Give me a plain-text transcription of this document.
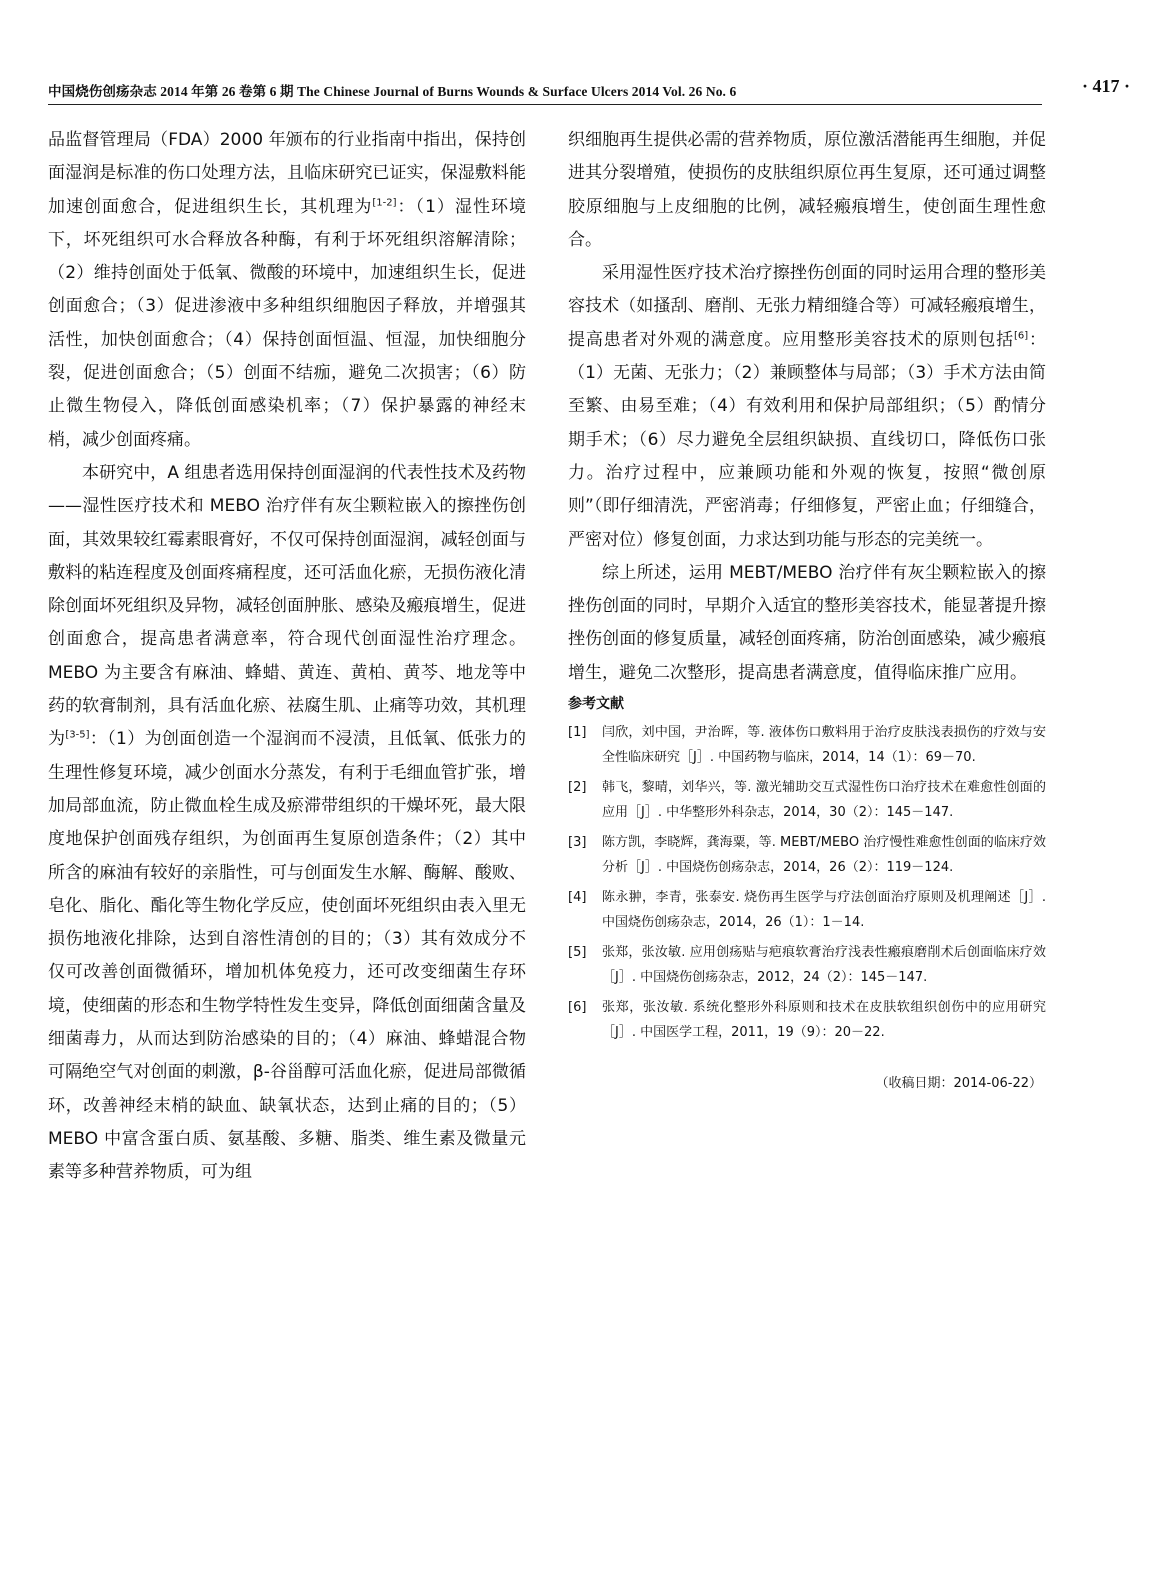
中国烧伤创疡杂志 2014 年第 26 卷第 6 期 The Chinese Journal of Burns Wounds & Surface Ulcers 2014 Vol. 26 No. 6	· 417 ·

品监督管理局（FDA）2000 年颁布的行业指南中指出，保持创面湿润是标准的伤口处理方法，且临床研究已证实，保湿敷料能加速创面愈合，促进组织生长，其机理为[1-2]：（1）湿性环境下，坏死组织可水合释放各种酶，有利于坏死组织溶解清除；（2）维持创面处于低氧、微酸的环境中，加速组织生长，促进创面愈合；（3）促进渗液中多种组织细胞因子释放，并增强其活性，加快创面愈合；（4）保持创面恒温、恒湿，加快细胞分裂，促进创面愈合；（5）创面不结痂，避免二次损害；（6）防止微生物侵入，降低创面感染机率；（7）保护暴露的神经末梢，减少创面疼痛。

本研究中，A 组患者选用保持创面湿润的代表性技术及药物——湿性医疗技术和 MEBO 治疗伴有灰尘颗粒嵌入的擦挫伤创面，其效果较红霉素眼膏好，不仅可保持创面湿润，减轻创面与敷料的粘连程度及创面疼痛程度，还可活血化瘀，无损伤液化清除创面坏死组织及异物，减轻创面肿胀、感染及瘢痕增生，促进创面愈合，提高患者满意率，符合现代创面湿性治疗理念。MEBO 为主要含有麻油、蜂蜡、黄连、黄柏、黄芩、地龙等中药的软膏制剂，具有活血化瘀、祛腐生肌、止痛等功效，其机理为[3-5]：（1）为创面创造一个湿润而不浸渍，且低氧、低张力的生理性修复环境，减少创面水分蒸发，有利于毛细血管扩张，增加局部血流，防止微血栓生成及瘀滞带组织的干燥坏死，最大限度地保护创面残存组织，为创面再生复原创造条件；（2）其中所含的麻油有较好的亲脂性，可与创面发生水解、酶解、酸败、皂化、脂化、酯化等生物化学反应，使创面坏死组织由表入里无损伤地液化排除，达到自溶性清创的目的；（3）其有效成分不仅可改善创面微循环，增加机体免疫力，还可改变细菌生存环境，使细菌的形态和生物学特性发生变异，降低创面细菌含量及细菌毒力，从而达到防治感染的目的；（4）麻油、蜂蜡混合物可隔绝空气对创面的刺激，β-谷甾醇可活血化瘀，促进局部微循环，改善神经末梢的缺血、缺氧状态，达到止痛的目的；（5）MEBO 中富含蛋白质、氨基酸、多糖、脂类、维生素及微量元素等多种营养物质，可为组

织细胞再生提供必需的营养物质，原位激活潜能再生细胞，并促进其分裂增殖，使损伤的皮肤组织原位再生复原，还可通过调整胶原细胞与上皮细胞的比例，减轻瘢痕增生，使创面生理性愈合。

采用湿性医疗技术治疗擦挫伤创面的同时运用合理的整形美容技术（如搔刮、磨削、无张力精细缝合等）可减轻瘢痕增生，提高患者对外观的满意度。应用整形美容技术的原则包括[6]：（1）无菌、无张力；（2）兼顾整体与局部；（3）手术方法由简至繁、由易至难；（4）有效利用和保护局部组织；（5）酌情分期手术；（6）尽力避免全层组织缺损、直线切口，降低伤口张力。治疗过程中，应兼顾功能和外观的恢复，按照“微创原则”（即仔细清洗，严密消毒；仔细修复，严密止血；仔细缝合，严密对位）修复创面，力求达到功能与形态的完美统一。

综上所述，运用 MEBT/MEBO 治疗伴有灰尘颗粒嵌入的擦挫伤创面的同时，早期介入适宜的整形美容技术，能显著提升擦挫伤创面的修复质量，减轻创面疼痛，防治创面感染，减少瘢痕增生，避免二次整形，提高患者满意度，值得临床推广应用。

参考文献
[1] 闫欣，刘中国，尹治晖，等. 液体伤口敷料用于治疗皮肤浅表损伤的疗效与安全性临床研究［J］. 中国药物与临床，2014，14（1）：69－70.
[2] 韩飞，黎晴，刘华兴，等. 激光辅助交互式湿性伤口治疗技术在难愈性创面的应用［J］. 中华整形外科杂志，2014，30（2）：145－147.
[3] 陈方凯，李晓辉，龚海粟，等. MEBT/MEBO 治疗慢性难愈性创面的临床疗效分析［J］. 中国烧伤创疡杂志，2014，26（2）：119－124.
[4] 陈永翀，李青，张泰安. 烧伤再生医学与疗法创面治疗原则及机理阐述［J］. 中国烧伤创疡杂志，2014，26（1）：1－14.
[5] 张郑，张汝敏. 应用创疡贴与疤痕软膏治疗浅表性瘢痕磨削术后创面临床疗效［J］. 中国烧伤创疡杂志，2012，24（2）：145－147.
[6] 张郑，张汝敏. 系统化整形外科原则和技术在皮肤软组织创伤中的应用研究［J］. 中国医学工程，2011，19（9）：20－22.
（收稿日期：2014-06-22）
